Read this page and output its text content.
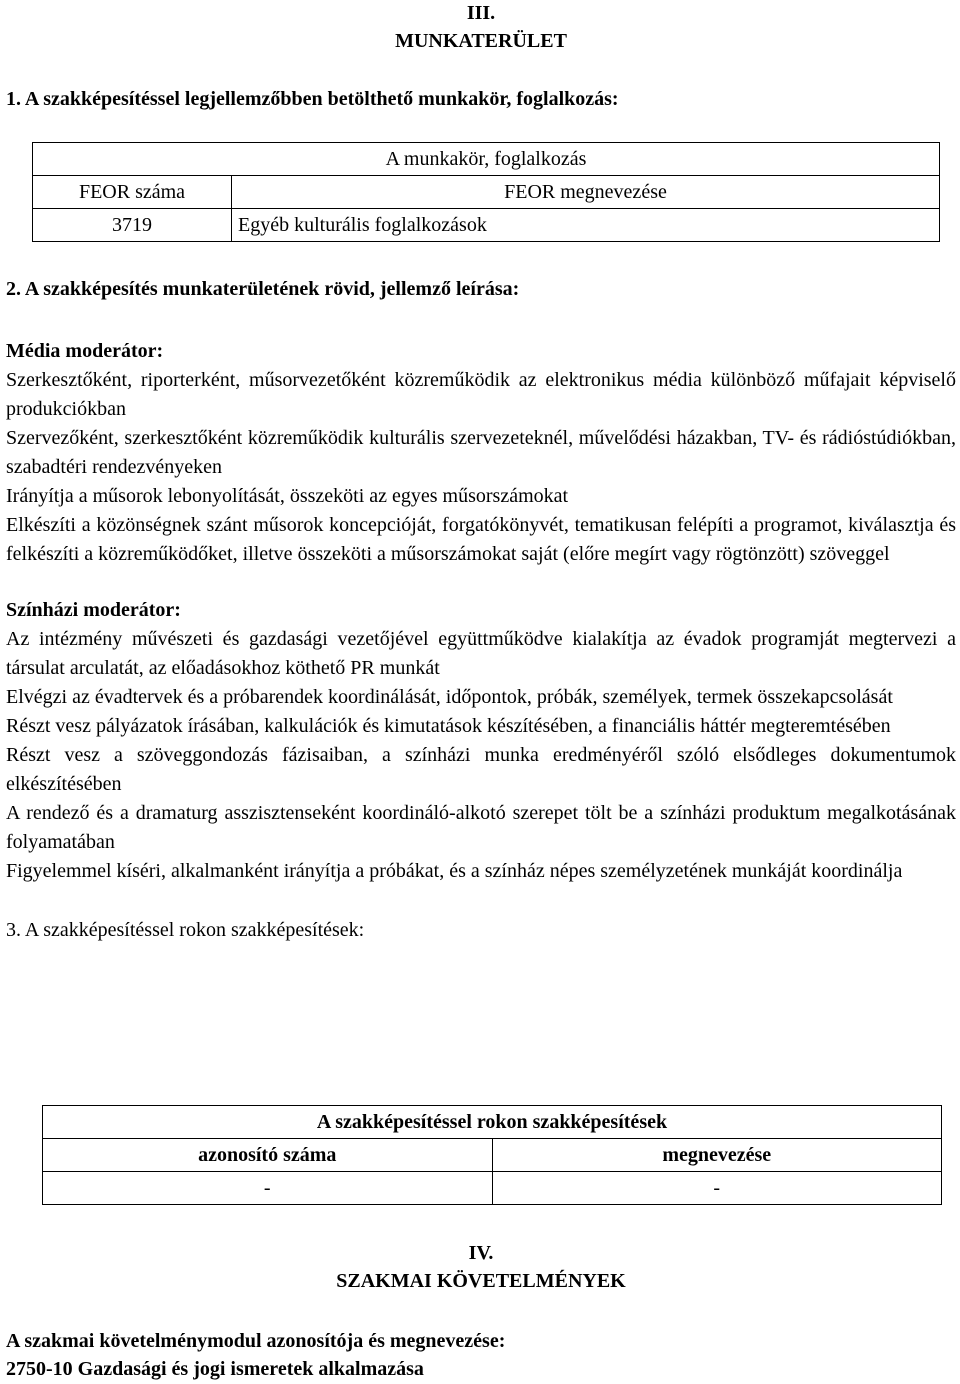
III.
MUNKATERÜLET
1. A szakképesítéssel legjellemzőbben betölthető munkakör, foglalkozás:
A munkakör, foglalkozás	
FEOR száma	FEOR megnevezése
3719	Egyéb kulturális foglalkozások

2. A szakképesítés munkaterületének rövid, jellemző leírása:

Média moderátor:

Szerkesztőként, riporterként, műsorvezetőként közreműködik az elektronikus média különböző műfajait képviselő produkciókban

Szervezőként, szerkesztőként közreműködik kulturális szervezeteknél, művelődési házakban, TV- és rádióstúdiókban, szabadtéri rendezvényeken

Irányítja a műsorok lebonyolítását, összeköti az egyes műsorszámokat

Elkészíti a közönségnek szánt műsorok koncepcióját, forgatókönyvét, tematikusan felépíti a programot, kiválasztja és felkészíti a közreműködőket, illetve összeköti a műsorszámokat saját (előre megírt vagy rögtönzött) szöveggel

Színházi moderátor:

Az intézmény művészeti és gazdasági vezetőjével együttműködve kialakítja az évadok programját megtervezi a társulat arculatát, az előadásokhoz köthető PR munkát

Elvégzi az évadtervek és a próbarendek koordinálását, időpontok, próbák, személyek, termek összekapcsolását

Részt vesz pályázatok írásában, kalkulációk és kimutatások készítésében, a financiális háttér megteremtésében

Részt vesz a szöveggondozás fázisaiban, a színházi munka eredményéről szóló elsődleges dokumentumok elkészítésében

A rendező és a dramaturg asszisztenseként koordináló-alkotó szerepet tölt be a színházi produktum megalkotásának folyamatában

Figyelemmel kíséri, alkalmanként irányítja a próbákat, és a színház népes személyzetének munkáját koordinálja

3. A szakképesítéssel rokon szakképesítések:

A szakképesítéssel rokon szakképesítések	
azonosító száma	megnevezése
-	-
IV.
SZAKMAI KÖVETELMÉNYEK
A szakmai követelménymodul azonosítója és megnevezése:
2750-10 Gazdasági és jogi ismeretek alkalmazása
